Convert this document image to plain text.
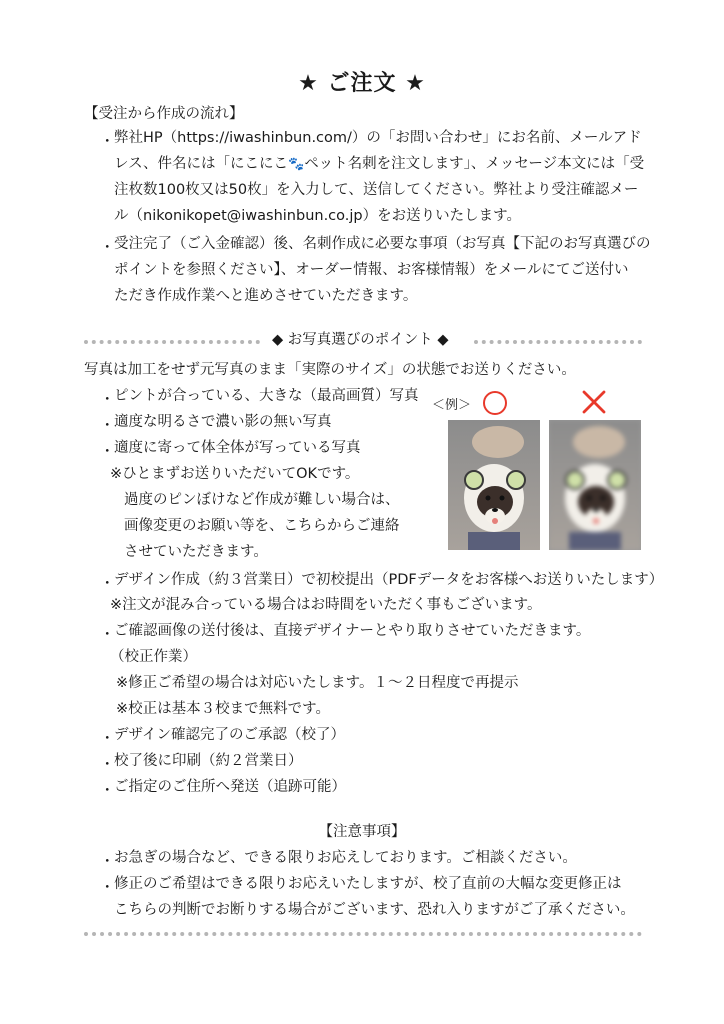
★ ご注文 ★
【受注から作成の流れ】
・ 弊社HP（https://iwashinbun.com/）の「お問い合わせ」にお名前、メールアド
レス、件名には「にこにこ🐾ペット名刺を注文します」、メッセージ本文には「受
注枚数100枚又は50枚」を入力して、送信してください。弊社より受注確認メー
ル（nikonikopet@iwashinbun.co.jp）をお送りいたします。
・ 受注完了（ご入金確認）後、名刺作成に必要な事項（お写真【下記のお写真選びの
ポイントを参照ください】、オーダー情報、お客様情報）をメールにてご送付い
ただき作成作業へと進めさせていただきます。
◆ お写真選びのポイント ◆
写真は加工をせず元写真のまま「実際のサイズ」の状態でお送りください。
・ ピントが合っている、大きな（最高画質）写真
・ 適度な明るさで濃い影の無い写真
・ 適度に寄って体全体が写っている写真
※ひとまずお送りいただいてOKです。
過度のピンぼけなど作成が難しい場合は、
画像変更のお願い等を、こちらからご連絡
させていただきます。
＜例＞
・ デザイン作成（約３営業日）で初校提出（PDFデータをお客様へお送りいたします）
※注文が混み合っている場合はお時間をいただく事もございます。
・ ご確認画像の送付後は、直接デザイナーとやり取りさせていただきます。
（校正作業）
※修正ご希望の場合は対応いたします。１〜２日程度で再提示
※校正は基本３校まで無料です。
・ デザイン確認完了のご承認（校了）
・ 校了後に印刷（約２営業日）
・ ご指定のご住所へ発送（追跡可能）
【注意事項】
・ お急ぎの場合など、できる限りお応えしております。ご相談ください。
・ 修正のご希望はできる限りお応えいたしますが、校了直前の大幅な変更修正は
こちらの判断でお断りする場合がございます、恐れ入りますがご了承ください。
